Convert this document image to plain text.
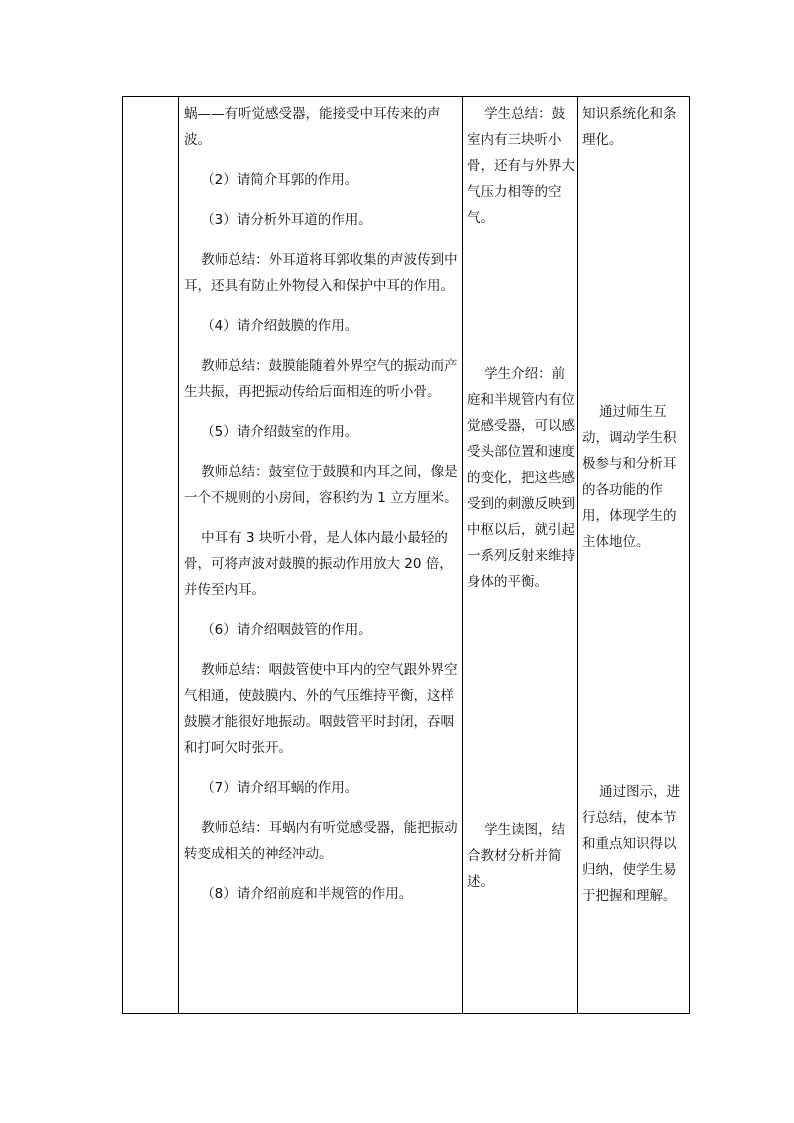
蜗——有听觉感受器，能接受中耳传来的声波。

（2）请简介耳郭的作用。

（3）请分析外耳道的作用。

教师总结：外耳道将耳郭收集的声波传到中耳，还具有防止外物侵入和保护中耳的作用。

（4）请介绍鼓膜的作用。

教师总结：鼓膜能随着外界空气的振动而产生共振，再把振动传给后面相连的听小骨。

（5）请介绍鼓室的作用。

教师总结：鼓室位于鼓膜和内耳之间，像是一个不规则的小房间，容积约为 1 立方厘米。

中耳有 3 块听小骨，是人体内最小最轻的骨，可将声波对鼓膜的振动作用放大 20 倍，并传至内耳。

（6）请介绍咽鼓管的作用。

教师总结：咽鼓管使中耳内的空气跟外界空气相通，使鼓膜内、外的气压维持平衡，这样鼓膜才能很好地振动。咽鼓管平时封闭，吞咽和打呵欠时张开。

（7）请介绍耳蜗的作用。

教师总结：耳蜗内有听觉感受器，能把振动转变成相关的神经冲动。

（8）请介绍前庭和半规管的作用。

学生总结：鼓室内有三块听小骨，还有与外界大气压力相等的空气。

学生介绍：前庭和半规管内有位觉感受器，可以感受头部位置和速度的变化，把这些感受到的刺激反映到中枢以后，就引起一系列反射来维持身体的平衡。

学生读图，结合教材分析并简述。

知识系统化和条理化。

通过师生互动，调动学生积极参与和分析耳的各功能的作用，体现学生的主体地位。

通过图示，进行总结，使本节和重点知识得以归纳，使学生易于把握和理解。
